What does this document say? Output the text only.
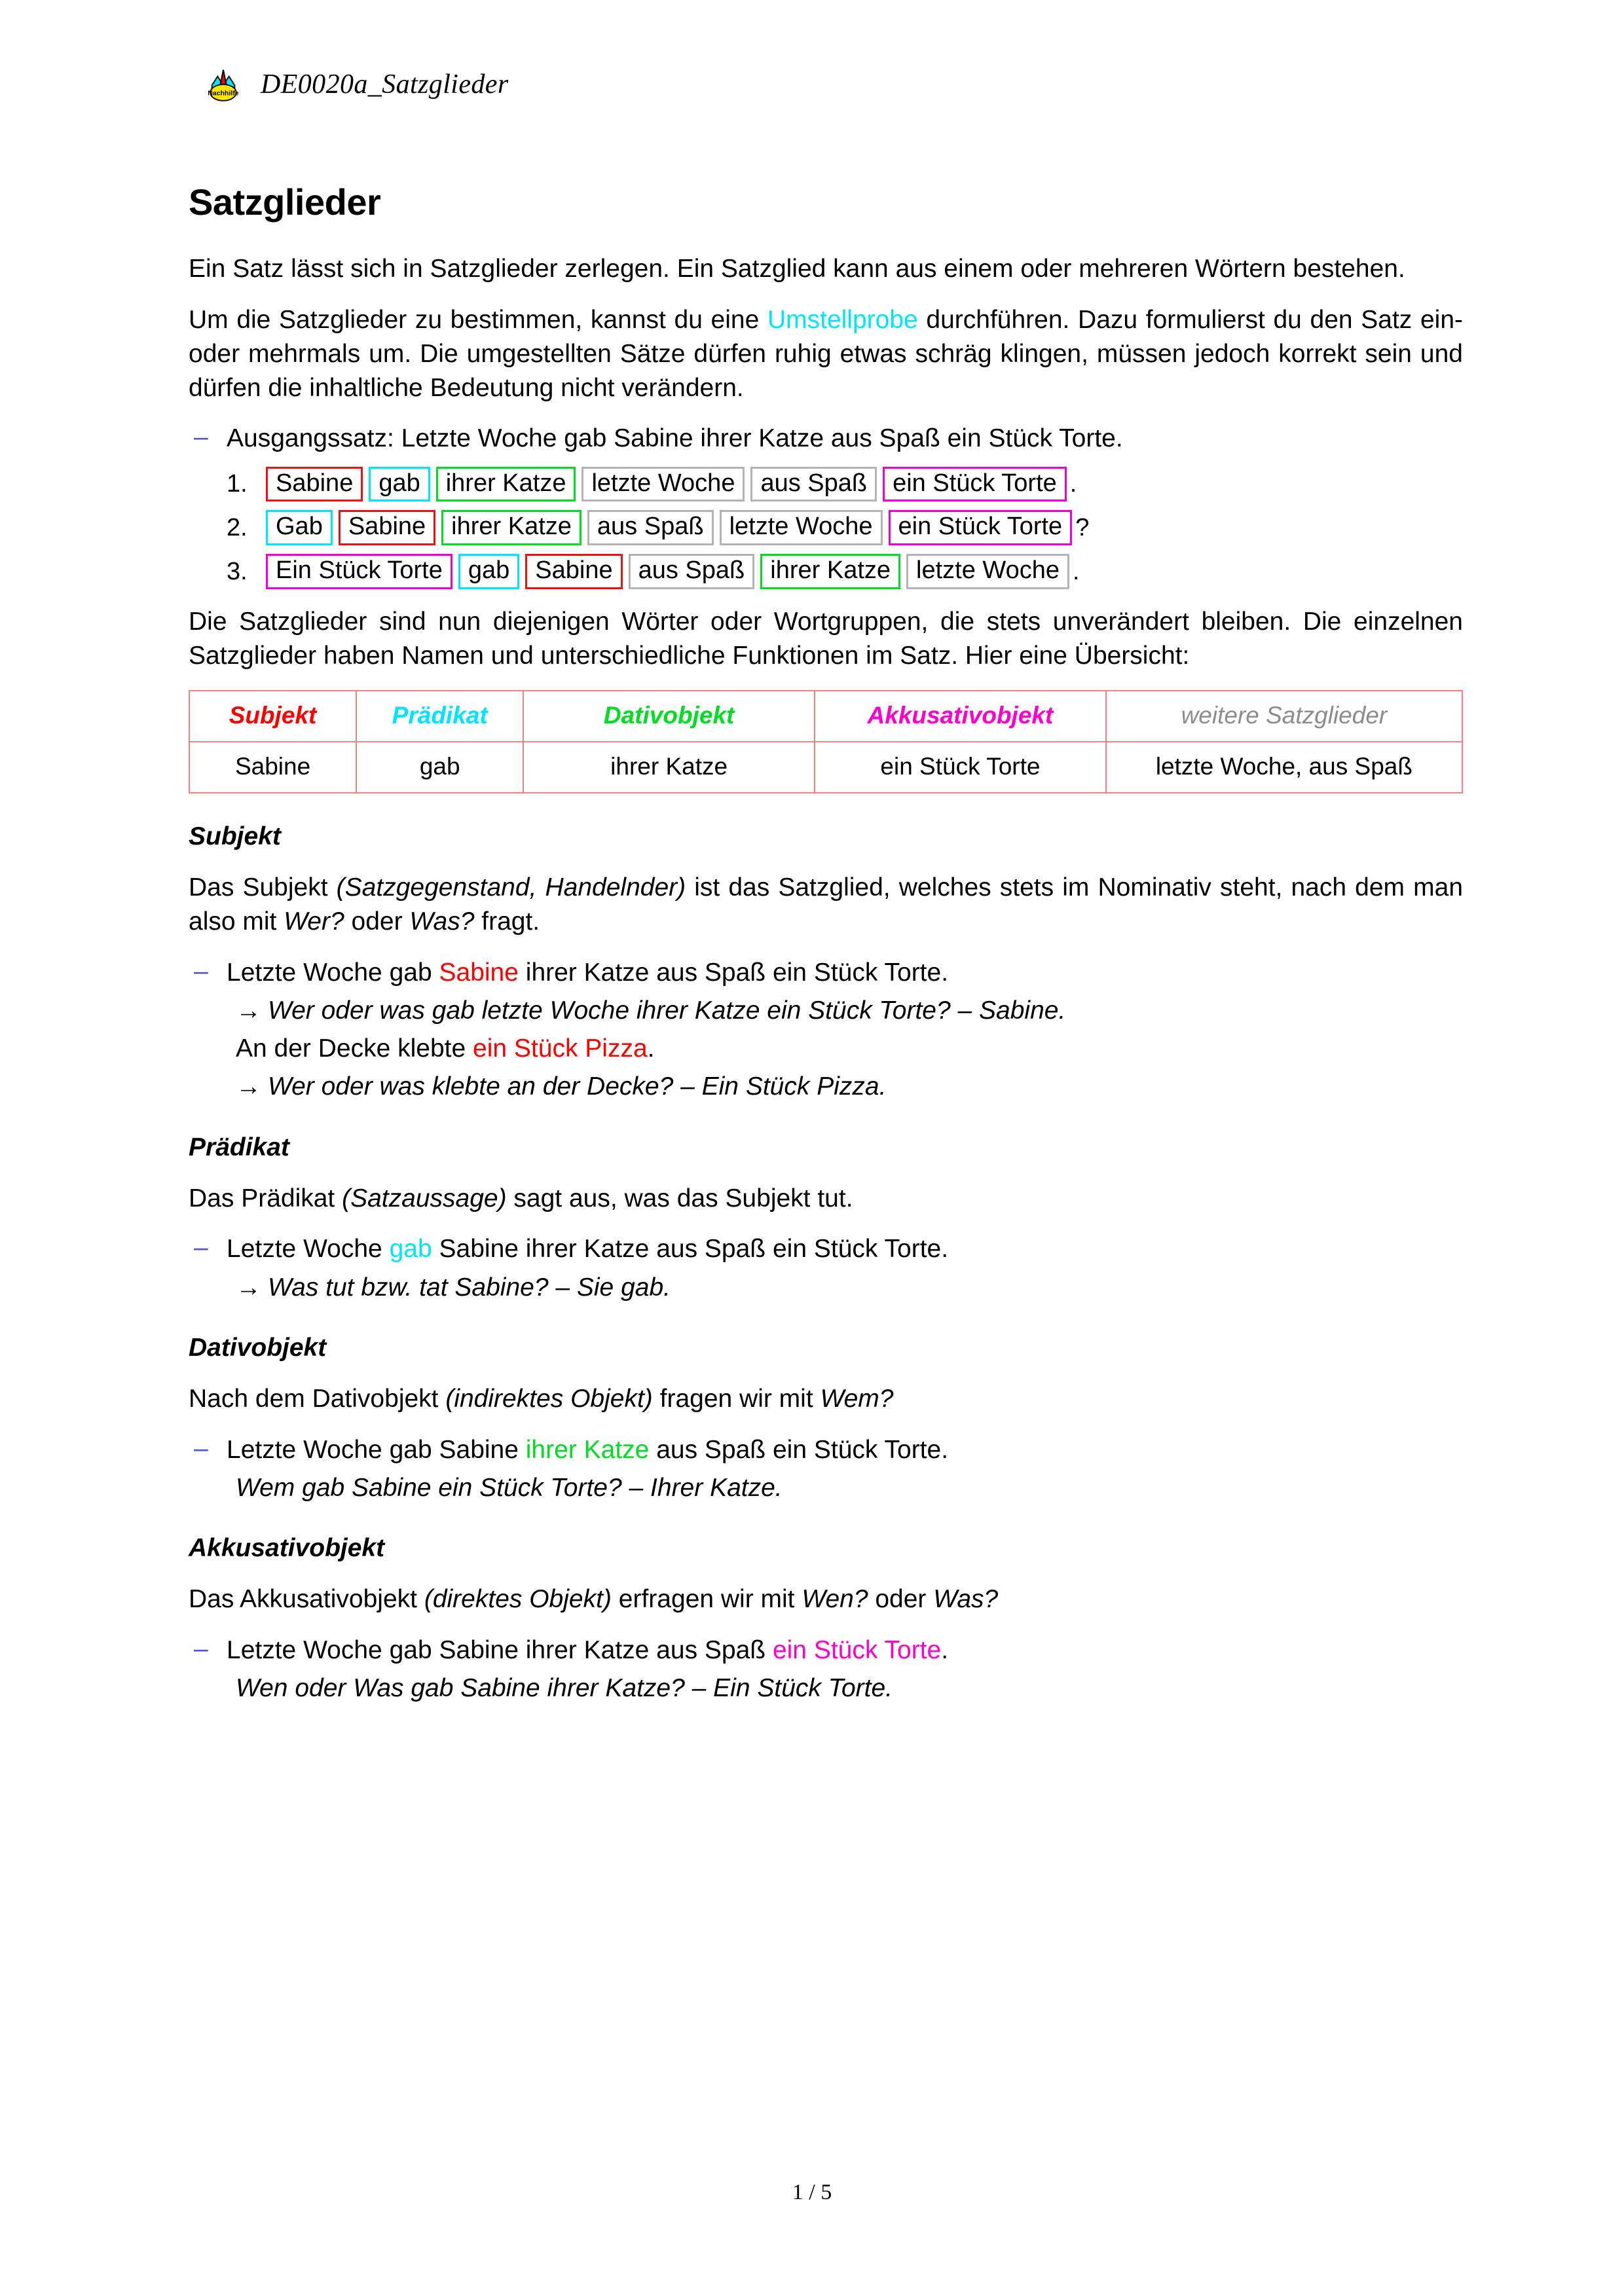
Nachhilfe DE0020a_Satzglieder
Satzglieder

Ein Satz lässt sich in Satzglieder zerlegen. Ein Satzglied kann aus einem oder mehreren Wörtern bestehen.

Um die Satzglieder zu bestimmen, kannst du eine Umstellprobe durchführen. Dazu formulierst du den Satz ein- oder mehrmals um. Die umgestellten Sätze dürfen ruhig etwas schräg klingen, müssen jedoch korrekt sein und dürfen die inhaltliche Bedeutung nicht verändern.

– Ausgangssatz: Letzte Woche gab Sabine ihrer Katze aus Spaß ein Stück Torte.
1.	Sabine	gab	ihrer Katze	letzte Woche	aus Spaß	ein Stück Torte .
2.	Gab	Sabine	ihrer Katze	aus Spaß	letzte Woche	ein Stück Torte ?
3.	Ein Stück Torte	gab	Sabine	aus Spaß	ihrer Katze	letzte Woche .

Die Satzglieder sind nun diejenigen Wörter oder Wortgruppen, die stets unverändert bleiben. Die einzelnen Satzglieder haben Namen und unterschiedliche Funktionen im Satz. Hier eine Übersicht:

Subjekt	Prädikat	Dativobjekt	Akkusativobjekt	weitere Satzglieder
Sabine	gab	ihrer Katze	ein Stück Torte	letzte Woche, aus Spaß
Subjekt

Das Subjekt (Satzgegenstand, Handelnder) ist das Satzglied, welches stets im Nominativ steht, nach dem man also mit Wer? oder Was? fragt.

– Letzte Woche gab Sabine ihrer Katze aus Spaß ein Stück Torte.
→ Wer oder was gab letzte Woche ihrer Katze ein Stück Torte? – Sabine.
An der Decke klebte ein Stück Pizza.
→ Wer oder was klebte an der Decke? – Ein Stück Pizza.
Prädikat

Das Prädikat (Satzaussage) sagt aus, was das Subjekt tut.

– Letzte Woche gab Sabine ihrer Katze aus Spaß ein Stück Torte.
→ Was tut bzw. tat Sabine? – Sie gab.
Dativobjekt

Nach dem Dativobjekt (indirektes Objekt) fragen wir mit Wem?

– Letzte Woche gab Sabine ihrer Katze aus Spaß ein Stück Torte.
Wem gab Sabine ein Stück Torte? – Ihrer Katze.
Akkusativobjekt

Das Akkusativobjekt (direktes Objekt) erfragen wir mit Wen? oder Was?

– Letzte Woche gab Sabine ihrer Katze aus Spaß ein Stück Torte.
Wen oder Was gab Sabine ihrer Katze? – Ein Stück Torte.
1 / 5
